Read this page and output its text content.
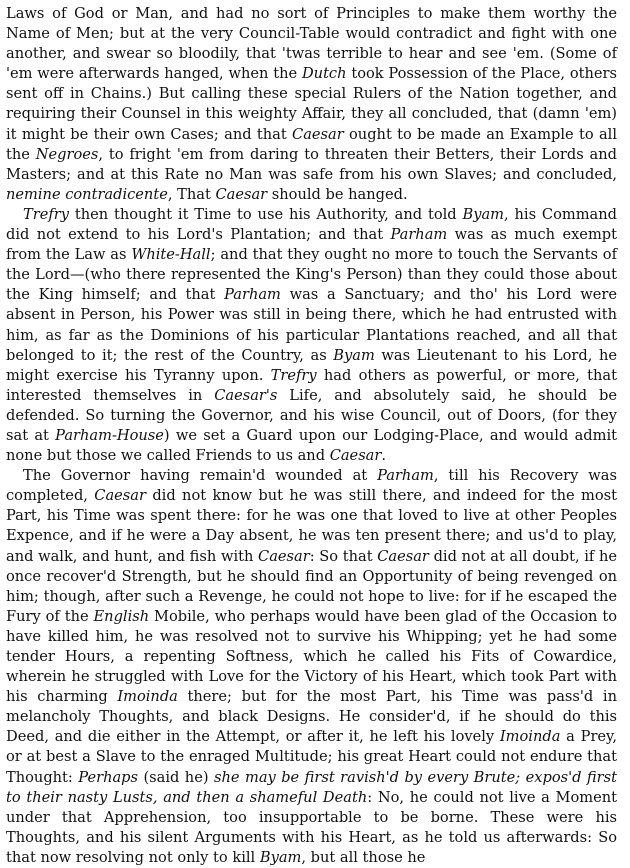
Laws of God or Man, and had no sort of Principles to make them worthy the Name of Men; but at the very Council-Table would contradict and fight with one another, and swear so bloodily, that 'twas terrible to hear and see 'em. (Some of 'em were afterwards hanged, when the Dutch took Possession of the Place, others sent off in Chains.) But calling these special Rulers of the Nation together, and requiring their Counsel in this weighty Affair, they all concluded, that (damn 'em) it might be their own Cases; and that Caesar ought to be made an Example to all the Negroes, to fright 'em from daring to threaten their Betters, their Lords and Masters; and at this Rate no Man was safe from his own Slaves; and concluded, nemine contradicente, That Caesar should be hanged.

Trefry then thought it Time to use his Authority, and told Byam, his Command did not extend to his Lord's Plantation; and that Parham was as much exempt from the Law as White-Hall; and that they ought no more to touch the Servants of the Lord—(who there represented the King's Person) than they could those about the King himself; and that Parham was a Sanctuary; and tho' his Lord were absent in Person, his Power was still in being there, which he had entrusted with him, as far as the Dominions of his particular Plantations reached, and all that belonged to it; the rest of the Country, as Byam was Lieutenant to his Lord, he might exercise his Tyranny upon. Trefry had others as powerful, or more, that interested themselves in Caesar's Life, and absolutely said, he should be defended. So turning the Governor, and his wise Council, out of Doors, (for they sat at Parham-House) we set a Guard upon our Lodging-Place, and would admit none but those we called Friends to us and Caesar.

The Governor having remain'd wounded at Parham, till his Recovery was completed, Caesar did not know but he was still there, and indeed for the most Part, his Time was spent there: for he was one that loved to live at other Peoples Expence, and if he were a Day absent, he was ten present there; and us'd to play, and walk, and hunt, and fish with Caesar: So that Caesar did not at all doubt, if he once recover'd Strength, but he should find an Opportunity of being revenged on him; though, after such a Revenge, he could not hope to live: for if he escaped the Fury of the English Mobile, who perhaps would have been glad of the Occasion to have killed him, he was resolved not to survive his Whipping; yet he had some tender Hours, a repenting Softness, which he called his Fits of Cowardice, wherein he struggled with Love for the Victory of his Heart, which took Part with his charming Imoinda there; but for the most Part, his Time was pass'd in melancholy Thoughts, and black Designs. He consider'd, if he should do this Deed, and die either in the Attempt, or after it, he left his lovely Imoinda a Prey, or at best a Slave to the enraged Multitude; his great Heart could not endure that Thought: Perhaps (said he) she may be first ravish'd by every Brute; expos'd first to their nasty Lusts, and then a shameful Death: No, he could not live a Moment under that Apprehension, too insupportable to be borne. These were his Thoughts, and his silent Arguments with his Heart, as he told us afterwards: So that now resolving not only to kill Byam, but all those he
